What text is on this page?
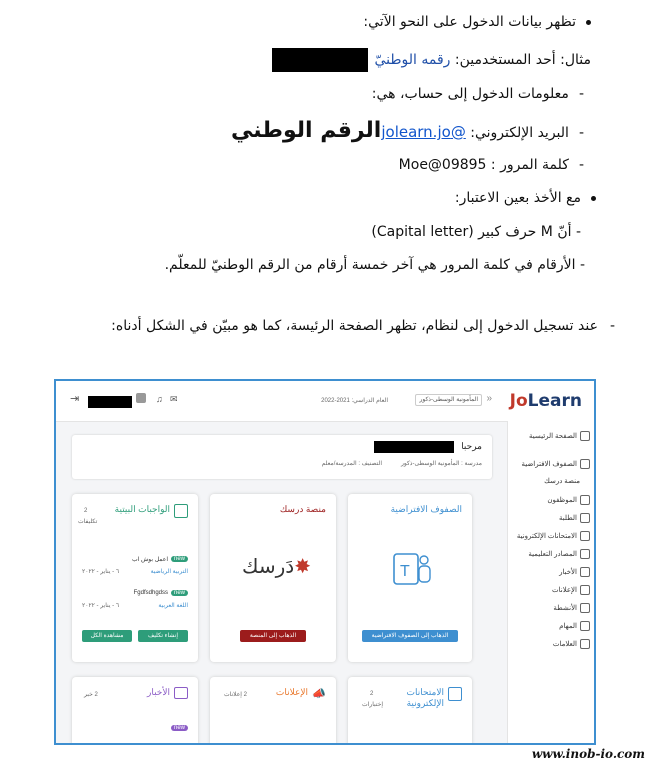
تظهر بيانات الدخول على النحو الآتي:
مثال: أحد المستخدمين: رقمه الوطنيّ
-معلومات الدخول إلى حساب، هي:
-البريد الإلكتروني: @jolearn.joالرقم الوطني
-كلمة المرور : Moe@09895
مع الأخذ بعين الاعتبار:
- أنّ M حرف كبير (Capital letter)
- الأرقام في كلمة المرور هي آخر خمسة أرقام من الرقم الوطنيّ للمعلّم.
-عند تسجيل الدخول إلى لنظام، تظهر الصفحة الرئيسة، كما هو مبيّن في الشكل أدناه:
JoLearn
»
المأمونية الوسطى-ذكور
العام الدراسي: 2021-2022
✉
♫
⇥
الصفحة الرئيسية
الصفوف الافتراضية
منصة درسك
الموظفون
الطلبة
الامتحانات الإلكترونية
المصادر التعليمية
الأخبار
الإعلانات
الأنشطة
المهام
العلامات
مرحبا
مدرسة : المأمونية الوسطى-ذكور
التصنيف : المدرسة/معلم
الصفوف الافتراضية
T
الذهاب إلى الصفوف الافتراضية
منصة درسك
دَرسك✸
الذهاب إلى المنصة
الواجبات البيتية
2
تكليفات
new
اعمل بوش اب
التربية الرياضية
٦ - يناير - ٢٠٢٢
new
Fgdfsdhgdss
اللغة العربية
٦ - يناير - ٢٠٢٢
إنشاء تكليف
مشاهدة الكل
الامتحانات الإلكترونية
2
إختبارات
📣
الإعلانات
2 إعلانات
الأخبار
2 خبر
new
www.inob-io.com
